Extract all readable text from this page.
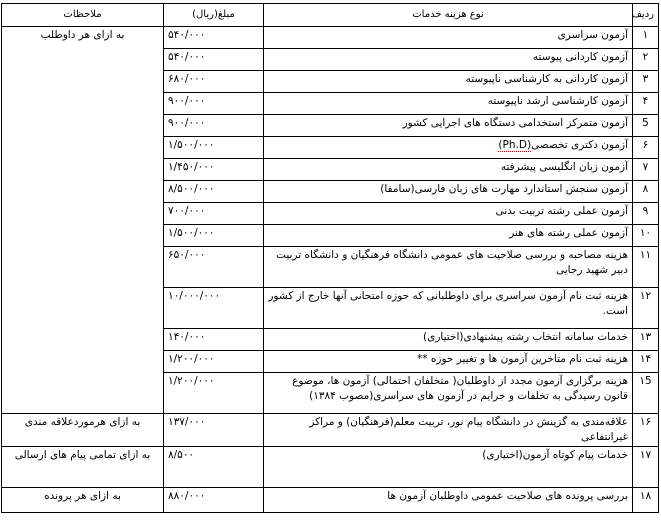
ردیف	نوع هزینه خدمات	مبلغ(ریال)	ملاحظات
۱	آزمون سراسری	۵۴۰/۰۰۰	به ازای هر داوطلب
۲	آزمون کاردانی پیوسته	۵۴۰/۰۰۰	
۳	آزمون کاردانی به کارشناسی ناپیوسته	۶۸۰/۰۰۰	
۴	آزمون کارشناسی ارشد ناپیوسته	۹۰۰/۰۰۰	
5	آزمون متمرکز استخدامی دستگاه های اجرایی کشور	۹۰۰/۰۰۰	
۶	آزمون دکتری تخصصی(Ph.D)	۱/۵۰۰/۰۰۰	
۷	آزمون زبان انگلیسی پیشرفته	۱/۴۵۰/۰۰۰	
۸	آزمون سنجش استاندارد مهارت های زبان فارسی(سامفا)	۸/۵۰۰/۰۰۰	
۹	آزمون عملی رشته تربیت بدنی	۷۰۰/۰۰۰	
۱۰	آزمون عملی رشته های هنر	۱/۵۰۰/۰۰۰	
۱۱	هزینه مصاحبه و بررسی صلاحیت های عمومی دانشگاه فرهنگیان و دانشگاه تربیت دبیر شهید رجایی	۶۵۰/۰۰۰	
۱۲	هزینه ثبت نام آزمون سراسری برای داوطلبانی که حوزه امتحانی آنها خارج از کشور است.	۱۰/۰۰۰/۰۰۰	
۱۳	خدمات سامانه انتخاب رشته پیشنهادی(اختیاری)	۱۴۰/۰۰۰	
۱۴	هزینه ثبت نام متاخرین آزمون ها و تغییر حوزه **	۱/۲۰۰/۰۰۰	
۱5	هزینه برگزاری آزمون مجدد از داوطلبان( متخلفان احتمالی) آزمون ها، موضوع قانون رسیدگی به تخلفات و جرایم در آزمون های سراسری(مصوب ۱۳۸۴)	۱/۲۰۰/۰۰۰	
۱۶	علاقه‌مندی به گزینش در دانشگاه پیام نور، تربیت معلم(فرهنگیان) و مراکز غیرانتفاعی	۱۳۷/۰۰۰	به ازای هرموردعلاقه مندی
۱۷	خدمات پیام کوتاه آزمون(اختیاری)	۸/۵۰۰	به ازای تمامی پیام های ارسالی
۱۸	بررسی پرونده های صلاحیت عمومی داوطلبان آزمون ها	۸۸۰/۰۰۰	به ازای هر پرونده
